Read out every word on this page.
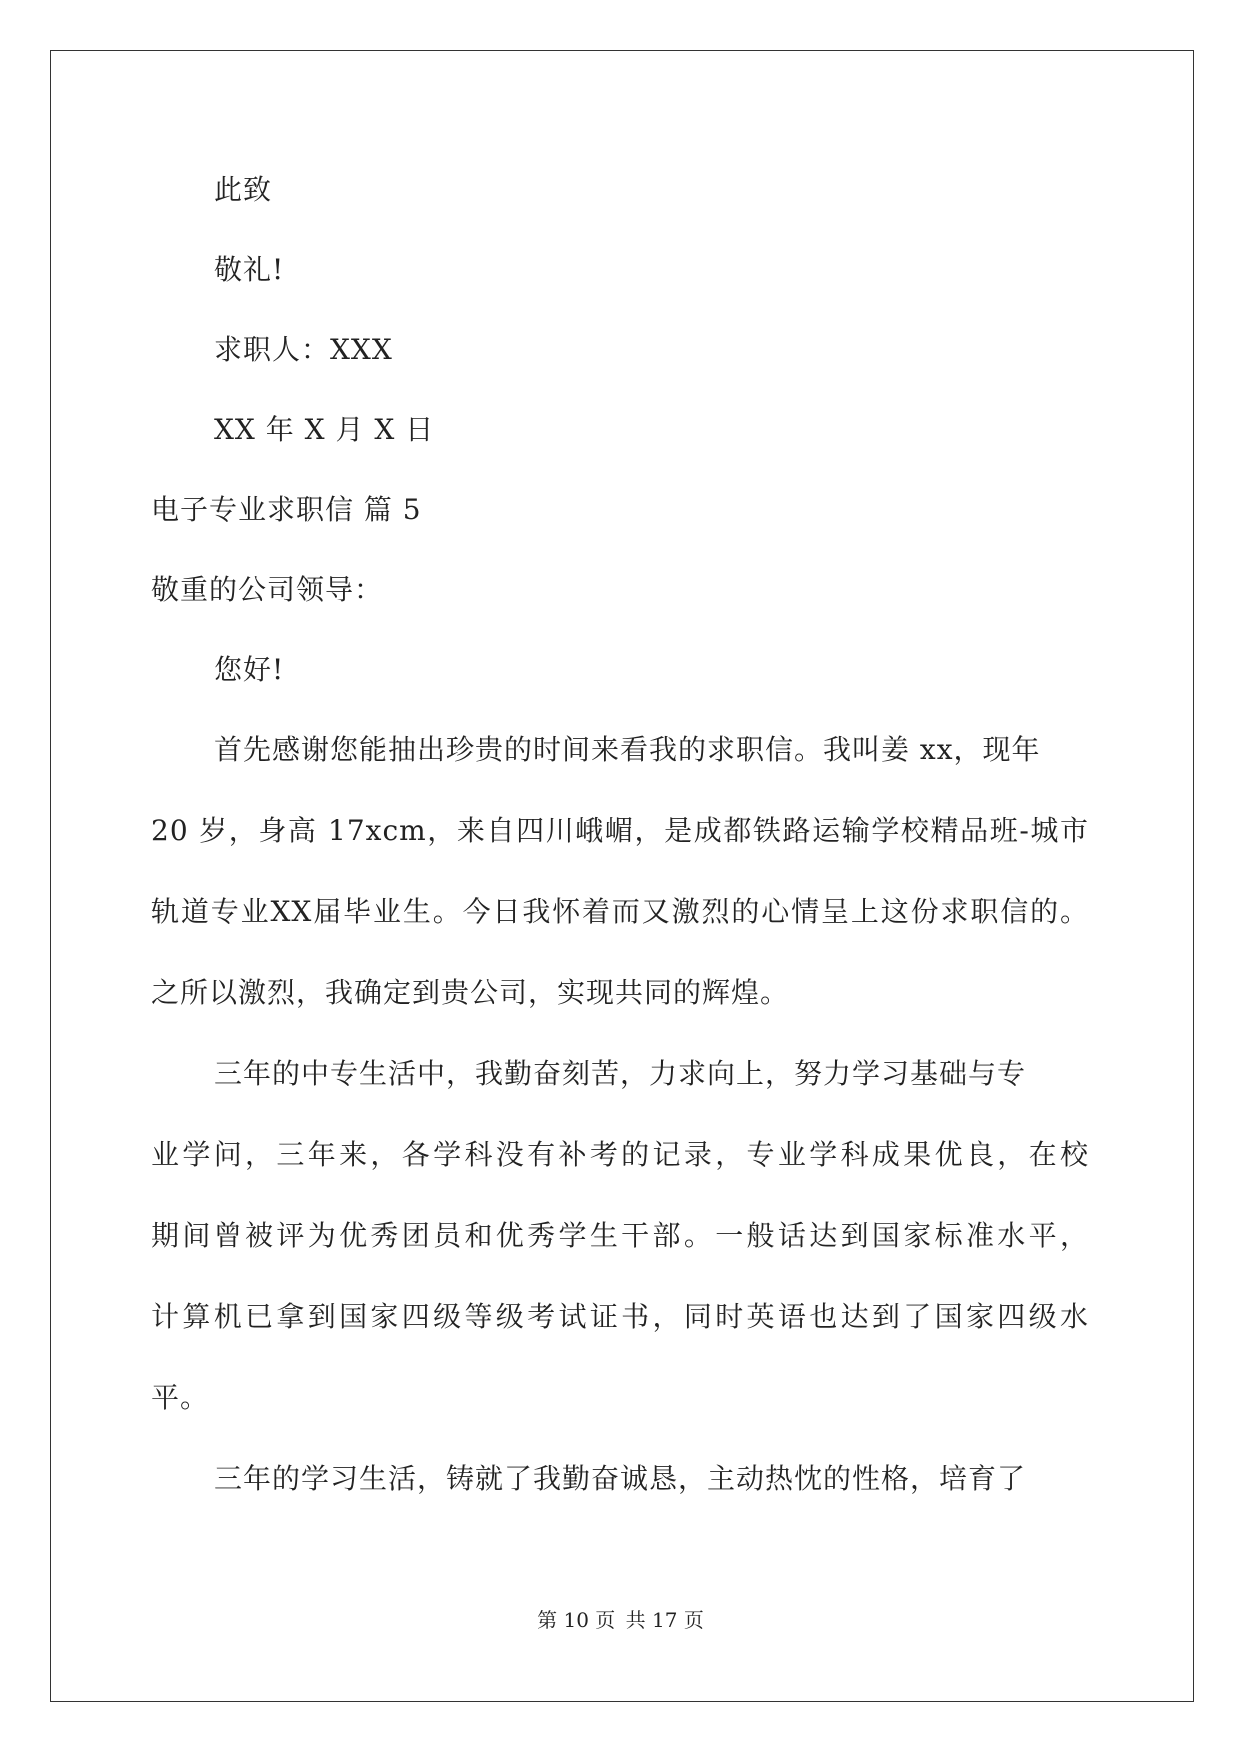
此致
敬礼!
求职人：XXX
XX 年 X 月 X 日
电子专业求职信 篇 5
敬重的公司领导：
您好!
首先感谢您能抽出珍贵的时间来看我的求职信。我叫姜 xx，现年
20 岁，身高 17xcm，来自四川峨嵋，是成都铁路运输学校精品班-城市
轨道专业XX届毕业生。今日我怀着而又激烈的心情呈上这份求职信的。
之所以激烈，我确定到贵公司，实现共同的辉煌。
三年的中专生活中，我勤奋刻苦，力求向上，努力学习基础与专
业学问，三年来，各学科没有补考的记录，专业学科成果优良，在校
期间曾被评为优秀团员和优秀学生干部。一般话达到国家标准水平，
计算机已拿到国家四级等级考试证书，同时英语也达到了国家四级水
平。
三年的学习生活，铸就了我勤奋诚恳，主动热忱的性格，培育了
第 10 页 共 17 页
